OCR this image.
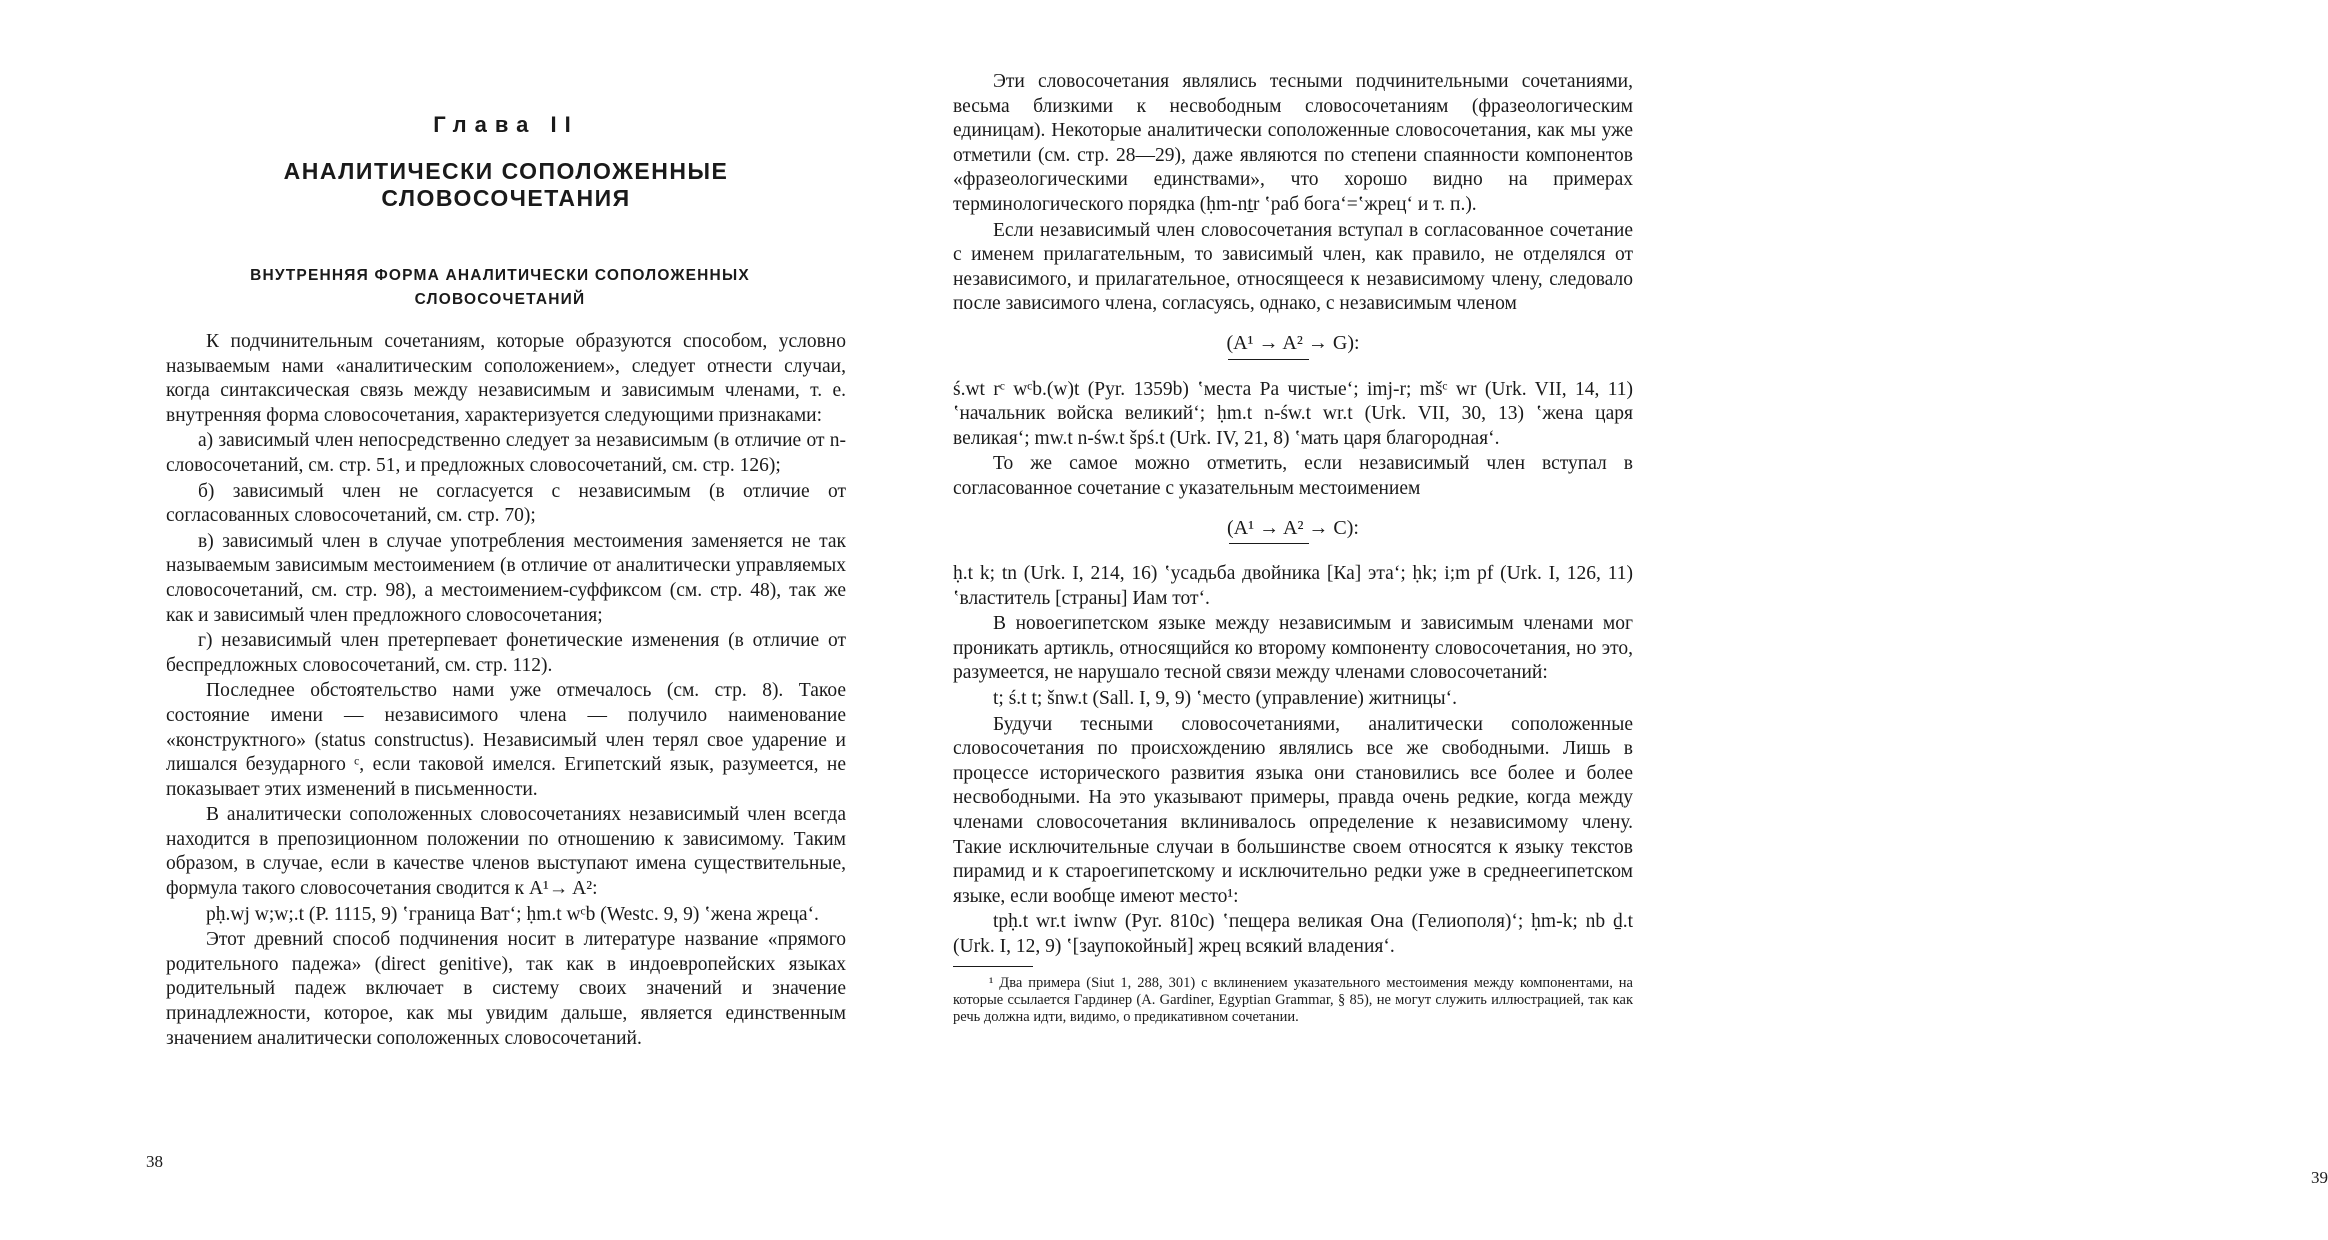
Глава II
АНАЛИТИЧЕСКИ СОПОЛОЖЕННЫЕ СЛОВОСОЧЕТАНИЯ
ВНУТРЕННЯЯ ФОРМА АНАЛИТИЧЕСКИ СОПОЛОЖЕННЫХ СЛОВОСОЧЕТАНИЙ

К подчинительным сочетаниям, которые образуются способом, условно называемым нами «аналитическим соположением», следует отнести случаи, когда синтаксическая связь между независимым и зависимым членами, т. е. внутренняя форма словосочетания, характеризуется следующими признаками:

а) зависимый член непосредственно следует за независимым (в отличие от n-словосочетаний, см. стр. 51, и предложных словосочетаний, см. стр. 126);

б) зависимый член не согласуется с независимым (в отличие от согласованных словосочетаний, см. стр. 70);

в) зависимый член в случае употребления местоимения заменяется не так называемым зависимым местоимением (в отличие от аналитически управляемых словосочетаний, см. стр. 98), а местоимением-суффиксом (см. стр. 48), так же как и зависимый член предложного словосочетания;

г) независимый член претерпевает фонетические изменения (в отличие от беспредложных словосочетаний, см. стр. 112).

Последнее обстоятельство нами уже отмечалось (см. стр. 8). Такое состояние имени — независимого члена — получило наименование «конструктного» (status constructus). Независимый член терял свое ударение и лишался безударного ᶜ, если таковой имелся. Египетский язык, разумеется, не показывает этих изменений в письменности.

В аналитически соположенных словосочетаниях независимый член всегда находится в препозиционном положении по отношению к зависимому. Таким образом, в случае, если в качестве членов выступают имена существительные, формула такого словосочетания сводится к A¹→ A²:

pḥ.wj w;w;.t (P. 1115, 9) ʽграница Ват‘; ḥm.t wᶜb (Westc. 9, 9) ʽжена жреца‘.

Этот древний способ подчинения носит в литературе название «прямого родительного падежа» (direct genitive), так как в индоевропейских языках родительный падеж включает в систему своих значений и значение принадлежности, которое, как мы увидим дальше, является единственным значением аналитически соположенных словосочетаний.

38

Эти словосочетания являлись тесными подчинительными сочетаниями, весьма близкими к несвободным словосочетаниям (фразеологическим единицам). Некоторые аналитически соположенные словосочетания, как мы уже отметили (см. стр. 28—29), даже являются по степени спаянности компонентов «фразеологическими единствами», что хорошо видно на примерах терминологического порядка (ḥm-nṯr ʽраб бога‘=ʽжрец‘ и т. п.).

Если независимый член словосочетания вступал в согласованное сочетание с именем прилагательным, то зависимый член, как правило, не отделялся от независимого, и прилагательное, относящееся к независимому члену, следовало после зависимого члена, согласуясь, однако, с независимым членом

(A¹ → A² → G):

ś.wt rᶜ wᶜb.(w)t (Pyr. 1359b) ʽместа Ра чистые‘; imj-r; mšᶜ wr (Urk. VII, 14, 11) ʽначальник войска великий‘; ḥm.t n-św.t wr.t (Urk. VII, 30, 13) ʽжена царя великая‘; mw.t n-św.t špś.t (Urk. IV, 21, 8) ʽмать царя благородная‘.

То же самое можно отметить, если независимый член вступал в согласованное сочетание с указательным местоимением

(A¹ → A² → C):

ḥ.t k; tn (Urk. I, 214, 16) ʽусадьба двойника [Ка] эта‘; ḥk; i;m pf (Urk. I, 126, 11) ʽвластитель [страны] Иам тот‘.

В новоегипетском языке между независимым и зависимым членами мог проникать артикль, относящийся ко второму компоненту словосочетания, но это, разумеется, не нарушало тесной связи между членами словосочетаний:

t; ś.t t; šnw.t (Sall. I, 9, 9) ʽместо (управление) житницы‘.

Будучи тесными словосочетаниями, аналитически соположенные словосочетания по происхождению являлись все же свободными. Лишь в процессе исторического развития языка они становились все более и более несвободными. На это указывают примеры, правда очень редкие, когда между членами словосочетания вклинивалось определение к независимому члену. Такие исключительные случаи в большинстве своем относятся к языку текстов пирамид и к староегипетскому и исключительно редки уже в среднеегипетском языке, если вообще имеют место¹:

tpḥ.t wr.t iwnw (Pyr. 810c) ʽпещера великая Она (Гелиополя)‘; ḥm-k; nb ḏ.t (Urk. I, 12, 9) ʽ[заупокойный] жрец всякий владения‘.

¹ Два примера (Siut 1, 288, 301) с вклинением указательного местоимения между компонентами, на которые ссылается Гардинер (A. Gardiner, Egyptian Grammar, § 85), не могут служить иллюстрацией, так как речь должна идти, видимо, о предикативном сочетании.

39
